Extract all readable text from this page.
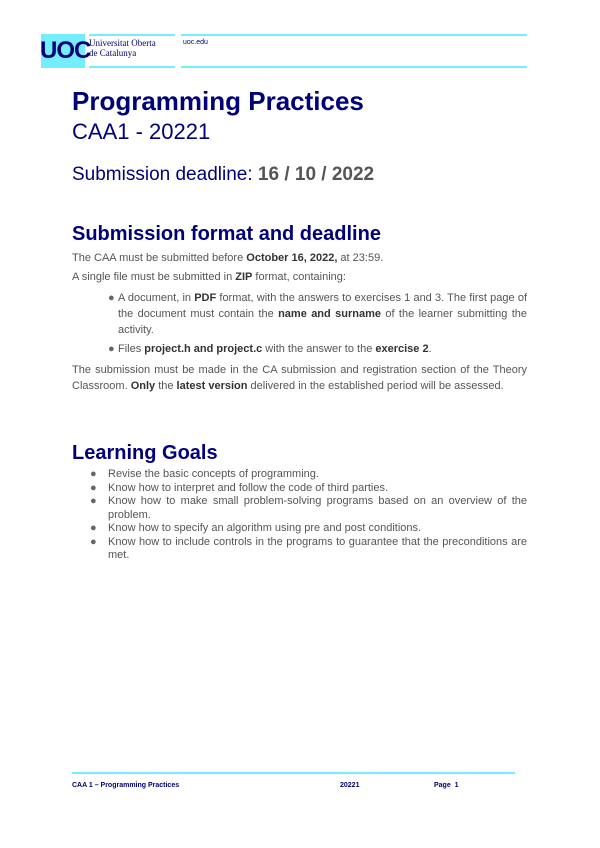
UOC
Universitat Oberta
de Catalunya
uoc.edu
Programming Practices
CAA1 - 20221
Submission deadline: 16 / 10 / 2022
Submission format and deadline

The CAA must be submitted before October 16, 2022, at 23:59.

A single file must be submitted in ZIP format, containing:

● A document, in PDF format, with the answers to exercises 1 and 3. The first page of the document must contain the name and surname of the learner submitting the activity.
● Files project.h and project.c with the answer to the exercise 2.

The submission must be made in the CA submission and registration section of the Theory Classroom. Only the latest version delivered in the established period will be assessed.

Learning Goals
● Revise the basic concepts of programming.
● Know how to interpret and follow the code of third parties.
● Know how to make small problem-solving programs based on an overview of the problem.
● Know how to specify an algorithm using pre and post conditions.
● Know how to include controls in the programs to guarantee that the preconditions are met.
CAA 1 – Programming Practices	20221	Page 1
